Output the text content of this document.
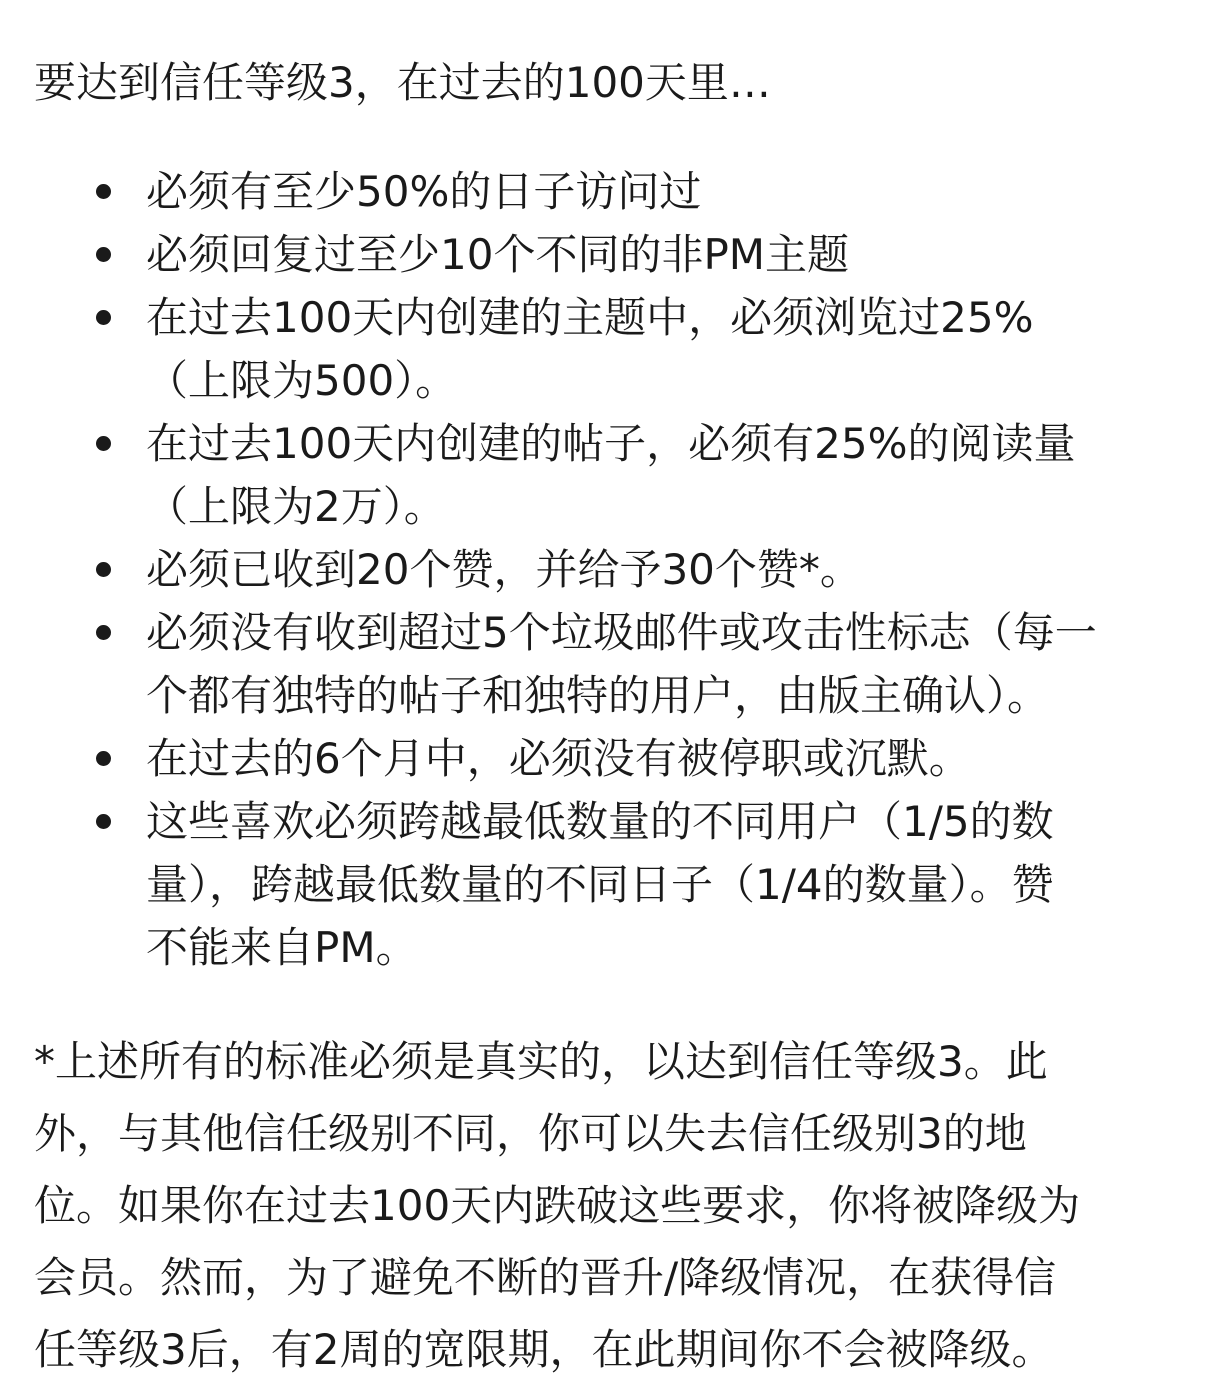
要达到信任等级3，在过去的100天里…

必须有至少50%的日子访问过
必须回复过至少10个不同的非PM主题
在过去100天内创建的主题中，必须浏览过25%
（上限为500）。
在过去100天内创建的帖子，必须有25%的阅读量
（上限为2万）。
必须已收到20个赞，并给予30个赞*。
必须没有收到超过5个垃圾邮件或攻击性标志（每一
个都有独特的帖子和独特的用户，由版主确认）。
在过去的6个月中，必须没有被停职或沉默。
这些喜欢必须跨越最低数量的不同用户（1/5的数
量），跨越最低数量的不同日子（1/4的数量）。赞
不能来自PM。

*上述所有的标准必须是真实的，以达到信任等级3。此
外，与其他信任级别不同，你可以失去信任级别3的地
位。如果你在过去100天内跌破这些要求，你将被降级为
会员。然而，为了避免不断的晋升/降级情况，在获得信
任等级3后，有2周的宽限期，在此期间你不会被降级。
